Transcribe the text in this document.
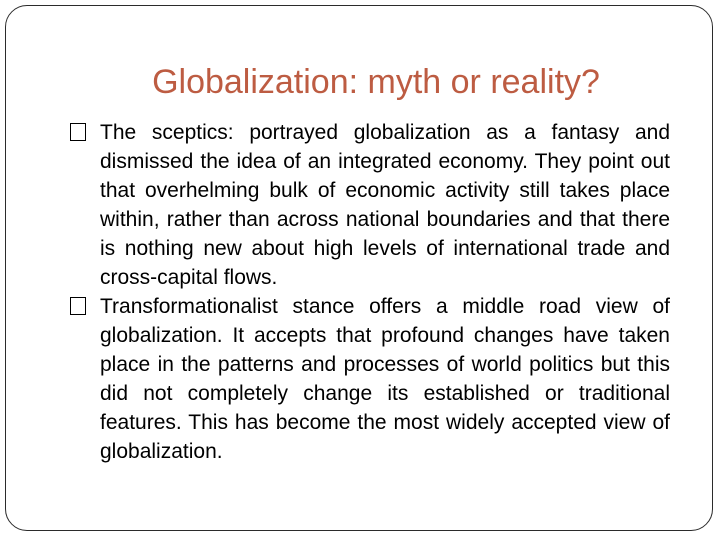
Globalization: myth or reality?
The sceptics: portrayed globalization as a fantasy and dismissed the idea of an integrated economy. They point out that overhelming bulk of economic activity still takes place within, rather than across national boundaries and that there is nothing new about high levels of international trade and cross-capital flows.
Transformationalist stance offers a middle road view of globalization. It accepts that profound changes have taken place in the patterns and processes of world politics but this did not completely change its established or traditional features. This has become the most widely accepted view of globalization.
